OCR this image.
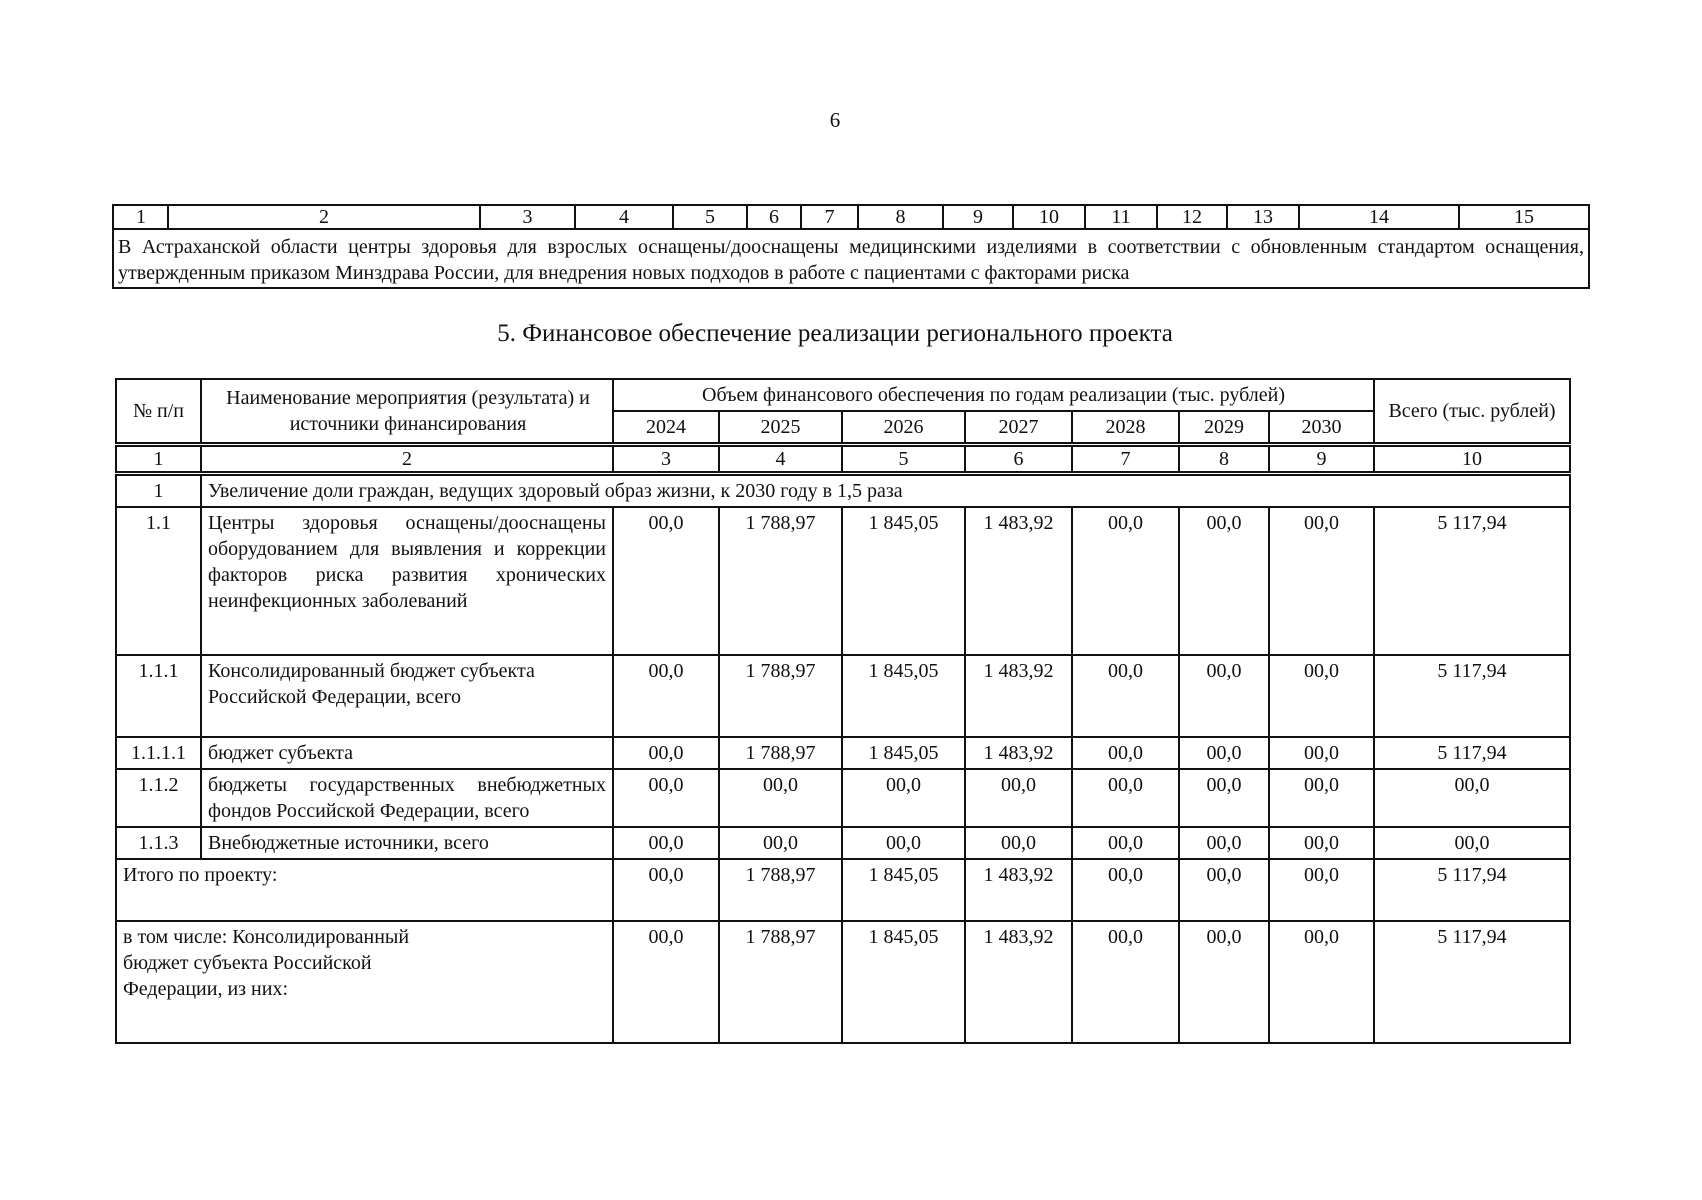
6
1	2	3	4	5	6	7	8	9	10	11	12	13	14	15
В Астраханской области центры здоровья для взрослых оснащены/дооснащены медицинскими изделиями в соответствии с обновленным стандартом оснащения, утвержденным приказом Минздрава России, для внедрения новых подходов в работе с пациентами с факторами риска
5. Финансовое обеспечение реализации регионального проекта
№ п/п	Наименование мероприятия (результата) и источники финансирования	Объем финансового обеспечения по годам реализации (тыс. рублей)							Всего (тыс. рублей)
		2024	2025	2026	2027	2028	2029	2030	
1	2	3	4	5	6	7	8	9	10
1	Увеличение доли граждан, ведущих здоровый образ жизни, к 2030 году в 1,5 раза								
1.1	Центры здоровья оснащены/дооснащены оборудованием для выявления и коррекции факторов риска развития хронических неинфекционных заболеваний	00,0	1 788,97	1 845,05	1 483,92	00,0	00,0	00,0	5 117,94
1.1.1	Консолидированный бюджет субъекта Российской Федерации, всего	00,0	1 788,97	1 845,05	1 483,92	00,0	00,0	00,0	5 117,94
1.1.1.1	бюджет субъекта	00,0	1 788,97	1 845,05	1 483,92	00,0	00,0	00,0	5 117,94
1.1.2	бюджеты государственных внебюджетных фондов Российской Федерации, всего	00,0	00,0	00,0	00,0	00,0	00,0	00,0	00,0
1.1.3	Внебюджетные источники, всего	00,0	00,0	00,0	00,0	00,0	00,0	00,0	00,0
Итого по проекту:		00,0	1 788,97	1 845,05	1 483,92	00,0	00,0	00,0	5 117,94
в том числе: Консолидированный бюджет субъекта Российской Федерации, из них:		00,0	1 788,97	1 845,05	1 483,92	00,0	00,0	00,0	5 117,94
